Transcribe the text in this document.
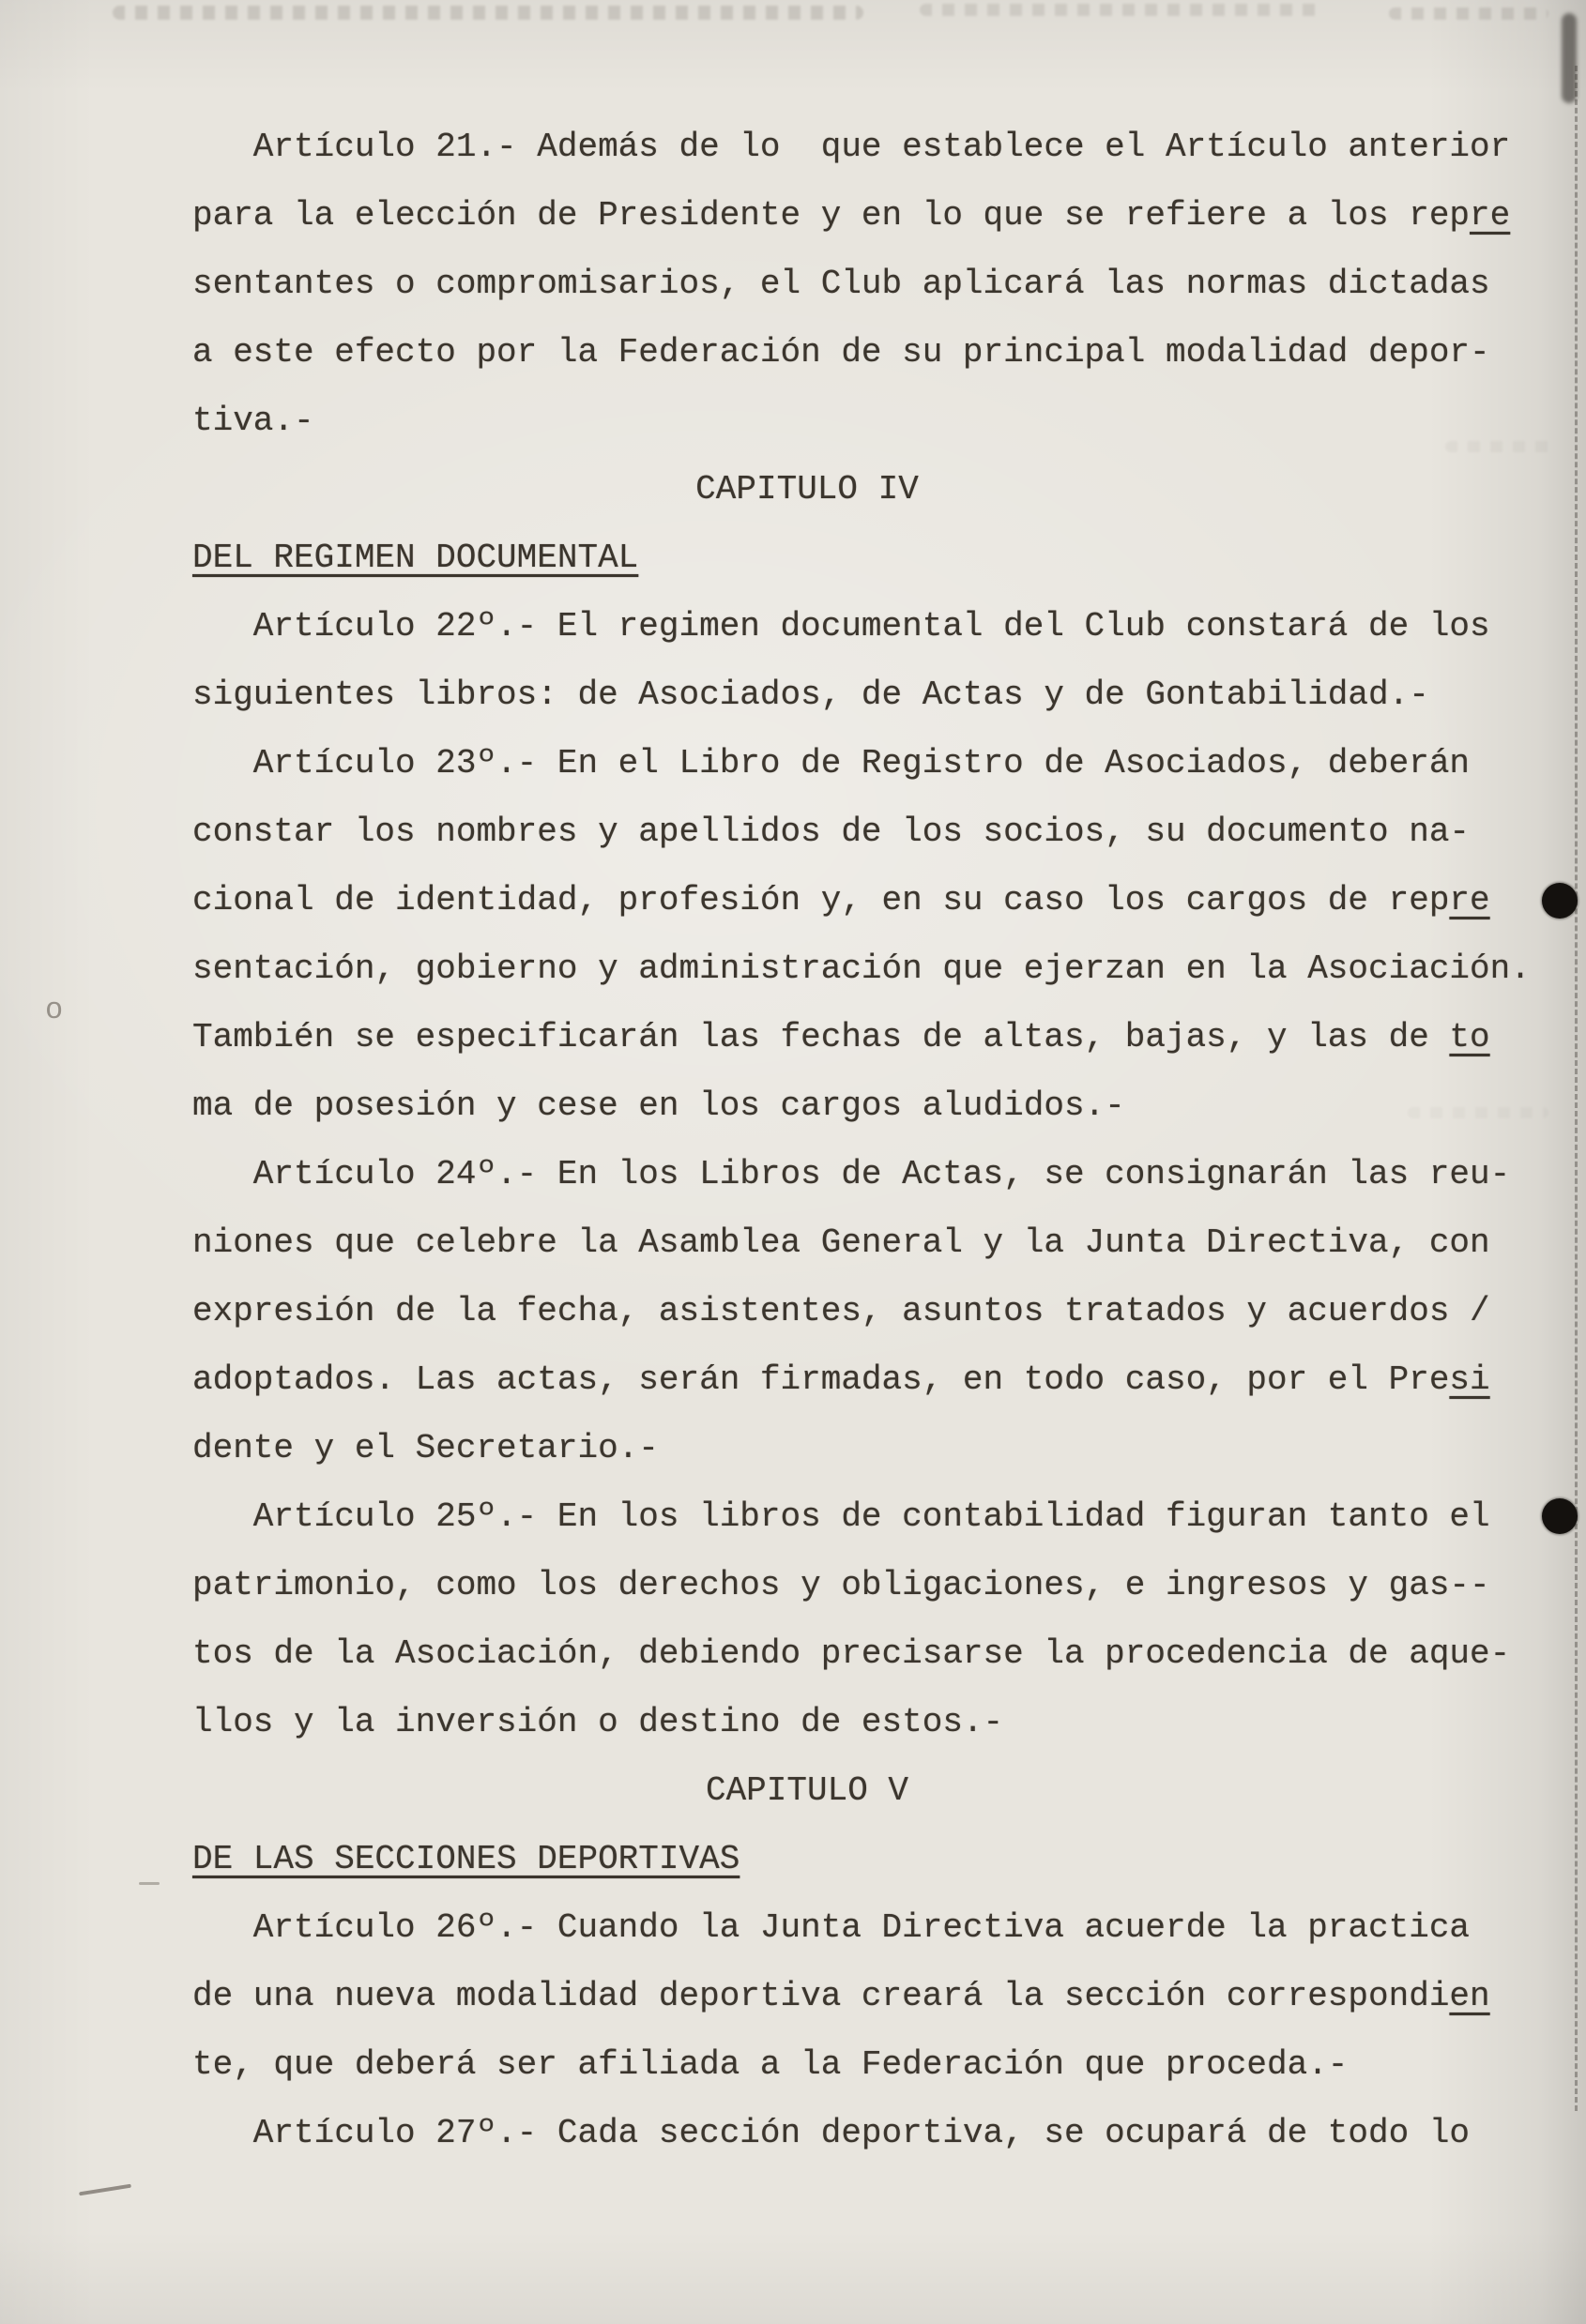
Artículo 21.- Además de lo  que establece el Artículo anterior
para la elección de Presidente y en lo que se refiere a los repre
sentantes o compromisarios, el Club aplicará las normas dictadas
a este efecto por la Federación de su principal modalidad depor-
tiva.-
CAPITULO IV
DEL REGIMEN DOCUMENTAL
Artículo 22º.- El regimen documental del Club constará de los
siguientes libros: de Asociados, de Actas y de Gontabilidad.-
Artículo 23º.- En el Libro de Registro de Asociados, deberán
constar los nombres y apellidos de los socios, su documento na-
cional de identidad, profesión y, en su caso los cargos de repre
sentación, gobierno y administración que ejerzan en la Asociación.
También se especificarán las fechas de altas, bajas, y las de to
ma de posesión y cese en los cargos aludidos.-
Artículo 24º.- En los Libros de Actas, se consignarán las reu-
niones que celebre la Asamblea General y la Junta Directiva, con
expresión de la fecha, asistentes, asuntos tratados y acuerdos /
adoptados. Las actas, serán firmadas, en todo caso, por el Presi
dente y el Secretario.-
Artículo 25º.- En los libros de contabilidad figuran tanto el
patrimonio, como los derechos y obligaciones, e ingresos y gas--
tos de la Asociación, debiendo precisarse la procedencia de aque-
llos y la inversión o destino de estos.-
CAPITULO V
DE LAS SECCIONES DEPORTIVAS
Artículo 26º.- Cuando la Junta Directiva acuerde la practica
de una nueva modalidad deportiva creará la sección correspondien
te, que deberá ser afiliada a la Federación que proceda.-
Artículo 27º.- Cada sección deportiva, se ocupará de todo lo
o
